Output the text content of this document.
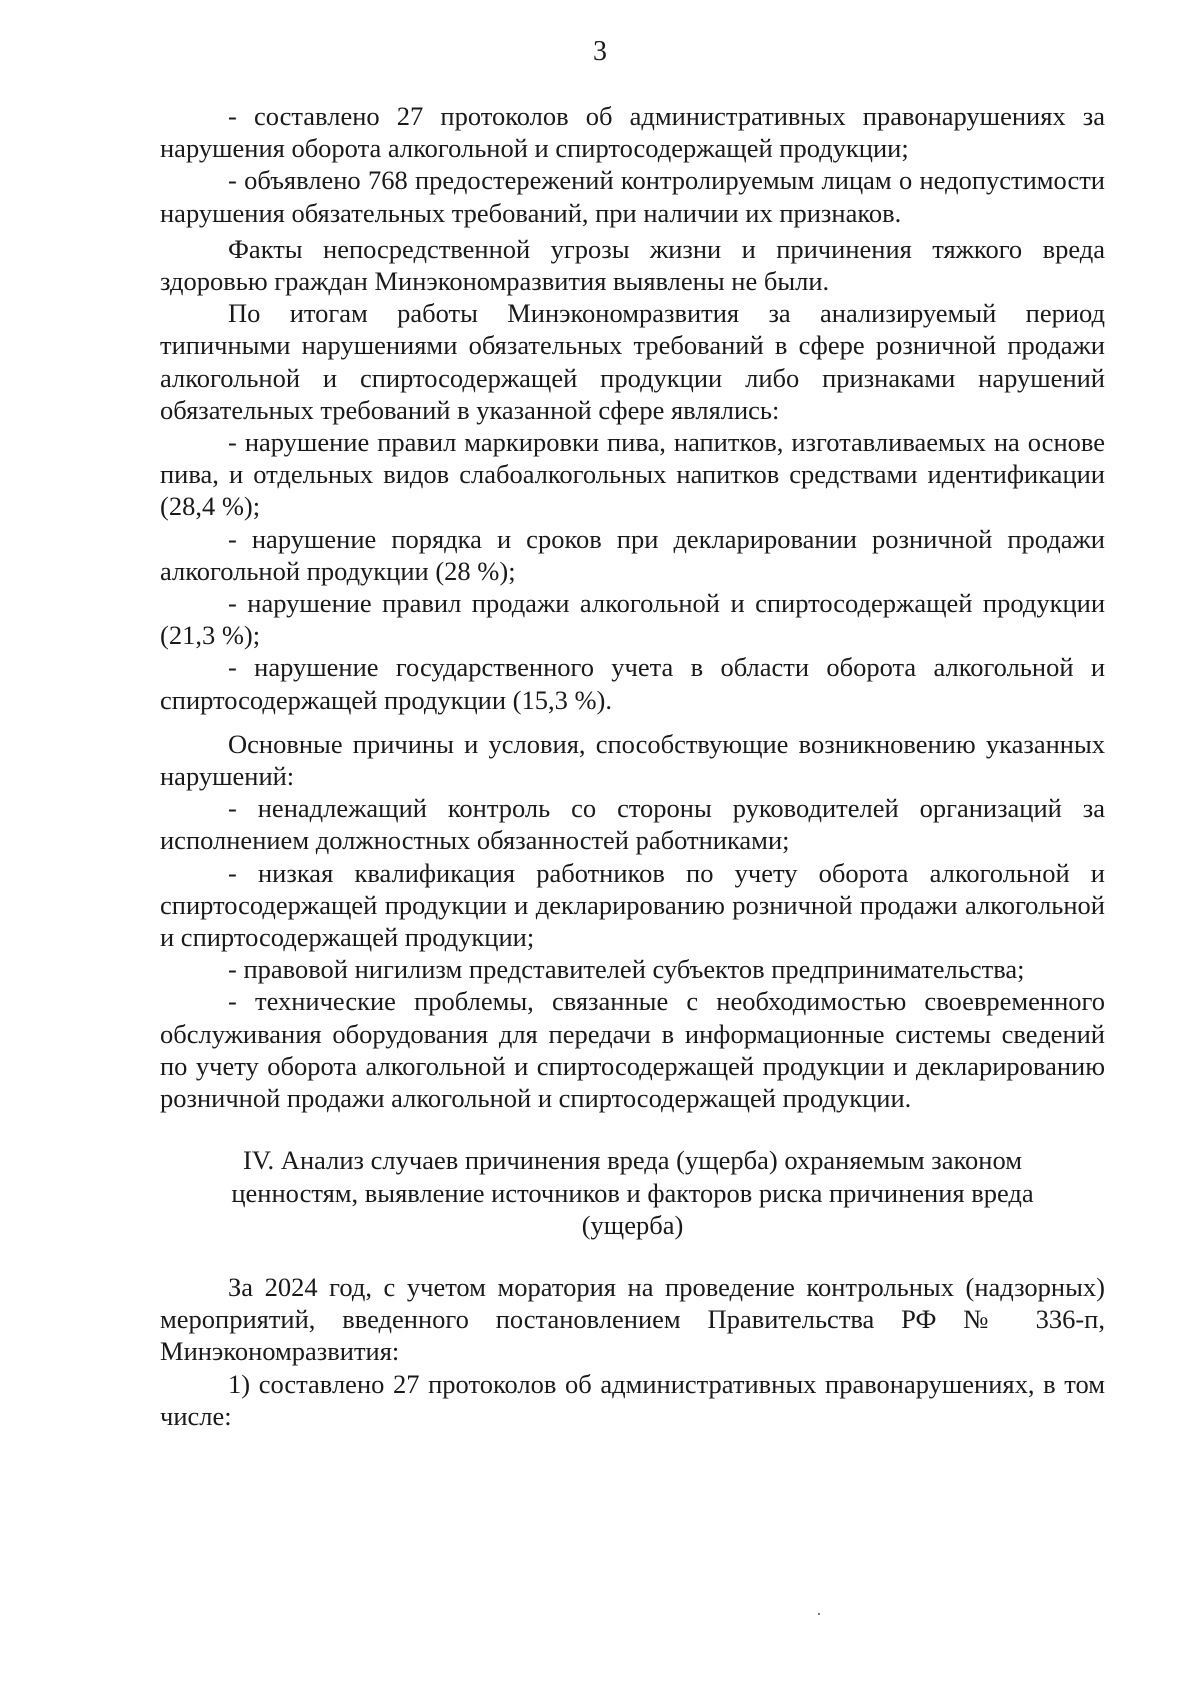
3

- составлено 27 протоколов об административных правонарушениях за нарушения оборота алкогольной и спиртосодержащей продукции;

- объявлено 768 предостережений контролируемым лицам о недопустимости нарушения обязательных требований, при наличии их признаков.

Факты непосредственной угрозы жизни и причинения тяжкого вреда здоровью граждан Минэкономразвития выявлены не были.

По итогам работы Минэкономразвития за анализируемый период типичными нарушениями обязательных требований в сфере розничной продажи алкогольной и спиртосодержащей продукции либо признаками нарушений обязательных требований в указанной сфере являлись:

- нарушение правил маркировки пива, напитков, изготавливаемых на основе пива, и отдельных видов слабоалкогольных напитков средствами идентификации (28,4 %);

- нарушение порядка и сроков при декларировании розничной продажи алкогольной продукции (28 %);

- нарушение правил продажи алкогольной и спиртосодержащей продукции (21,3 %);

- нарушение государственного учета в области оборота алкогольной и спиртосодержащей продукции (15,3 %).

Основные причины и условия, способствующие возникновению указанных нарушений:

- ненадлежащий контроль со стороны руководителей организаций за исполнением должностных обязанностей работниками;

- низкая квалификация работников по учету оборота алкогольной и спиртосодержащей продукции и декларированию розничной продажи алкогольной и спиртосодержащей продукции;

- правовой нигилизм представителей субъектов предпринимательства;

- технические проблемы, связанные с необходимостью своевременного обслуживания оборудования для передачи в информационные системы сведений по учету оборота алкогольной и спиртосодержащей продукции и декларированию розничной продажи алкогольной и спиртосодержащей продукции.

IV. Анализ случаев причинения вреда (ущерба) охраняемым законом ценностям, выявление источников и факторов риска причинения вреда (ущерба)

За 2024 год, с учетом моратория на проведение контрольных (надзорных) мероприятий, введенного постановлением Правительства РФ № 336-п, Минэкономразвития:

1) составлено 27 протоколов об административных правонарушениях, в том числе:
